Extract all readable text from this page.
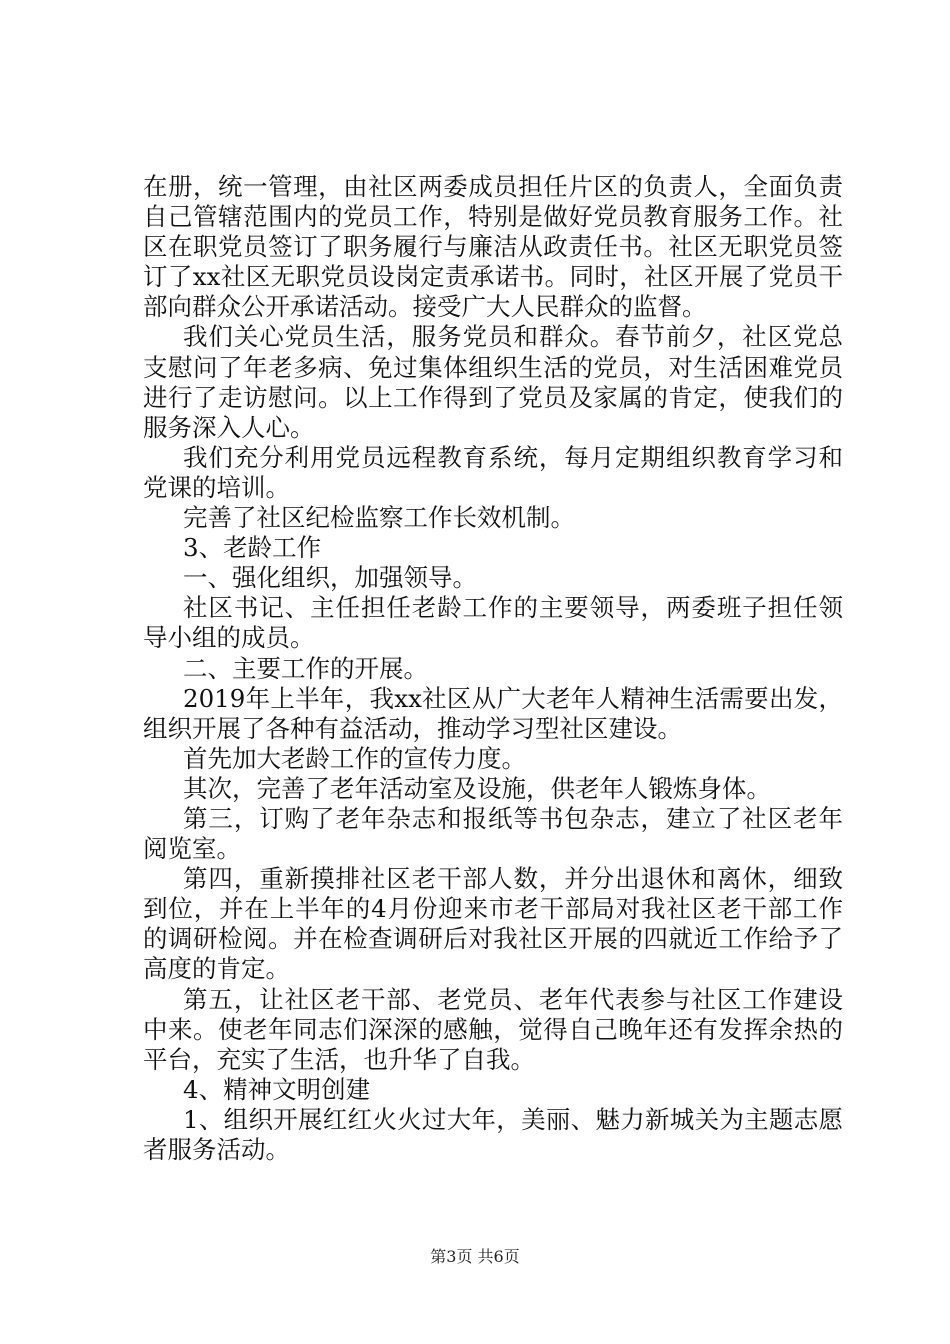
在册，统一管理，由社区两委成员担任片区的负责人，全面负责自己管辖范围内的党员工作，特别是做好党员教育服务工作。社区在职党员签订了职务履行与廉洁从政责任书。社区无职党员签订了xx社区无职党员设岗定责承诺书。同时，社区开展了党员干部向群众公开承诺活动。接受广大人民群众的监督。

我们关心党员生活，服务党员和群众。春节前夕，社区党总支慰问了年老多病、免过集体组织生活的党员，对生活困难党员进行了走访慰问。以上工作得到了党员及家属的肯定，使我们的服务深入人心。

我们充分利用党员远程教育系统，每月定期组织教育学习和党课的培训。

完善了社区纪检监察工作长效机制。

3、老龄工作

一、强化组织，加强领导。

社区书记、主任担任老龄工作的主要领导，两委班子担任领导小组的成员。

二、主要工作的开展。

2019年上半年，我xx社区从广大老年人精神生活需要出发，组织开展了各种有益活动，推动学习型社区建设。

首先加大老龄工作的宣传力度。

其次，完善了老年活动室及设施，供老年人锻炼身体。

第三，订购了老年杂志和报纸等书包杂志，建立了社区老年阅览室。

第四，重新摸排社区老干部人数，并分出退休和离休，细致到位，并在上半年的4月份迎来市老干部局对我社区老干部工作的调研检阅。并在检查调研后对我社区开展的四就近工作给予了高度的肯定。

第五，让社区老干部、老党员、老年代表参与社区工作建设中来。使老年同志们深深的感触，觉得自己晚年还有发挥余热的平台，充实了生活，也升华了自我。

4、精神文明创建

1、组织开展红红火火过大年，美丽、魅力新城关为主题志愿者服务活动。

第3页 共6页
